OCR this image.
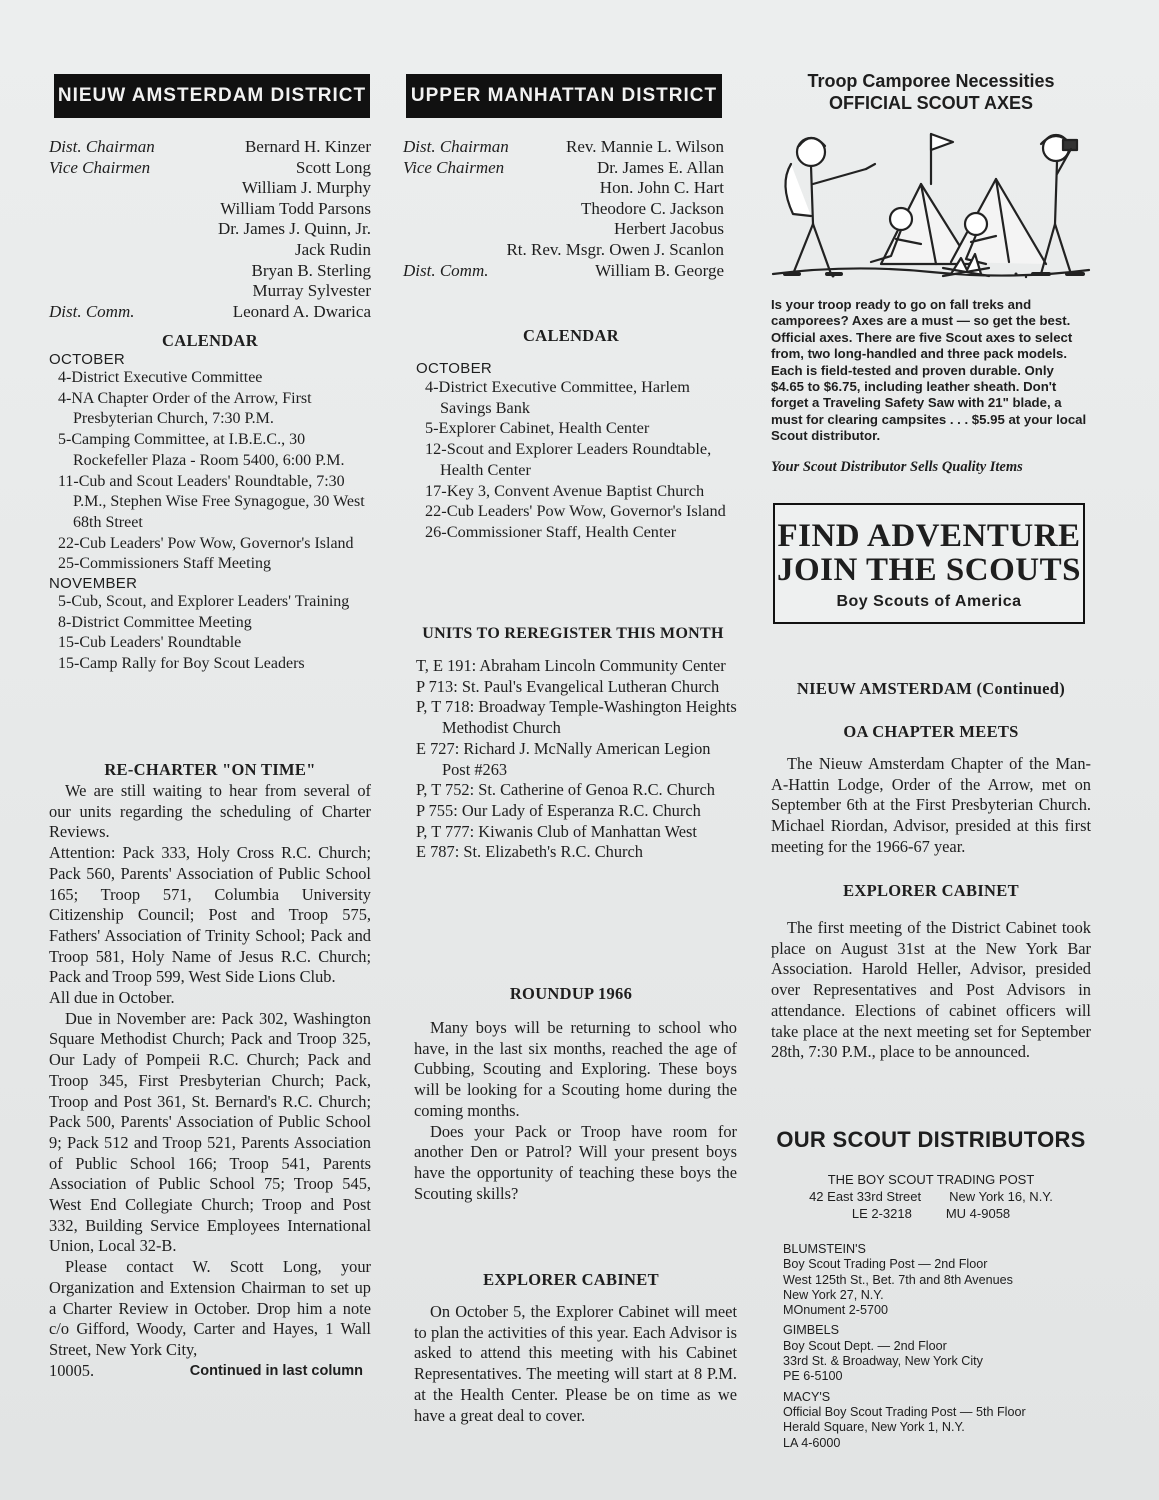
NIEUW AMSTERDAM DISTRICT
Dist. Chairman	Bernard H. Kinzer
Vice Chairmen	Scott Long
William J. Murphy
William Todd Parsons
Dr. James J. Quinn, Jr.
Jack Rudin
Bryan B. Sterling
Murray Sylvester
Dist. Comm.	Leonard A. Dwarica
CALENDAR
OCTOBER
4-District Executive Committee
4-NA Chapter Order of the Arrow, First Presbyterian Church, 7:30 P.M.
5-Camping Committee, at I.B.E.C., 30 Rockefeller Plaza - Room 5400, 6:00 P.M.
11-Cub and Scout Leaders' Roundtable, 7:30 P.M., Stephen Wise Free Synagogue, 30 West 68th Street
22-Cub Leaders' Pow Wow, Governor's Island
25-Commissioners Staff Meeting
NOVEMBER
5-Cub, Scout, and Explorer Leaders' Training
8-District Committee Meeting
15-Cub Leaders' Roundtable
15-Camp Rally for Boy Scout Leaders
RE-CHARTER "ON TIME"

We are still waiting to hear from several of our units regarding the scheduling of Charter Reviews.

Attention: Pack 333, Holy Cross R.C. Church; Pack 560, Parents' Association of Public School 165; Troop 571, Columbia University Citizenship Council; Post and Troop 575, Fathers' Association of Trinity School; Pack and Troop 581, Holy Name of Jesus R.C. Church; Pack and Troop 599, West Side Lions Club.

All due in October.

Due in November are: Pack 302, Washington Square Methodist Church; Pack and Troop 325, Our Lady of Pompeii R.C. Church; Pack and Troop 345, First Presbyterian Church; Pack, Troop and Post 361, St. Bernard's R.C. Church; Pack 500, Parents' Association of Public School 9; Pack 512 and Troop 521, Parents Association of Public School 166; Troop 541, Parents Association of Public School 75; Troop 545, West End Collegiate Church; Troop and Post 332, Building Service Employees International Union, Local 32-B.

Please contact W. Scott Long, your Organization and Extension Chairman to set up a Charter Review in October. Drop him a note c/o Gifford, Woody, Carter and Hayes, 1 Wall Street, New York City,

10005.	Continued in last column
UPPER MANHATTAN DISTRICT
Dist. Chairman	Rev. Mannie L. Wilson
Vice Chairmen	Dr. James E. Allan
Hon. John C. Hart
Theodore C. Jackson
Herbert Jacobus
Rt. Rev. Msgr. Owen J. Scanlon
Dist. Comm.	William B. George
CALENDAR
OCTOBER
4-District Executive Committee, Harlem Savings Bank
5-Explorer Cabinet, Health Center
12-Scout and Explorer Leaders Roundtable, Health Center
17-Key 3, Convent Avenue Baptist Church
22-Cub Leaders' Pow Wow, Governor's Island
26-Commissioner Staff, Health Center
UNITS TO REREGISTER THIS MONTH
T, E 191: Abraham Lincoln Community Center
P 713: St. Paul's Evangelical Lutheran Church
P, T 718: Broadway Temple-Washington Heights Methodist Church
E 727: Richard J. McNally American Legion Post #263
P, T 752: St. Catherine of Genoa R.C. Church
P 755: Our Lady of Esperanza R.C. Church
P, T 777: Kiwanis Club of Manhattan West
E 787: St. Elizabeth's R.C. Church
ROUNDUP 1966

Many boys will be returning to school who have, in the last six months, reached the age of Cubbing, Scouting and Exploring. These boys will be looking for a Scouting home during the coming months.

Does your Pack or Troop have room for another Den or Patrol? Will your present boys have the opportunity of teaching these boys the Scouting skills?

EXPLORER CABINET

On October 5, the Explorer Cabinet will meet to plan the activities of this year. Each Advisor is asked to attend this meeting with his Cabinet Representatives. The meeting will start at 8 P.M. at the Health Center. Please be on time as we have a great deal to cover.

Troop Camporee Necessities
OFFICIAL SCOUT AXES
Is your troop ready to go on fall treks and camporees? Axes are a must — so get the best. Official axes. There are five Scout axes to select from, two long-handled and three pack models. Each is field-tested and proven durable. Only $4.65 to $6.75, including leather sheath. Don't forget a Traveling Safety Saw with 21" blade, a must for clearing campsites . . . $5.95 at your local Scout distributor.
Your Scout Distributor Sells Quality Items
FIND ADVENTURE
JOIN THE SCOUTS
Boy Scouts of America
NIEUW AMSTERDAM (Continued)
OA CHAPTER MEETS

The Nieuw Amsterdam Chapter of the Man-A-Hattin Lodge, Order of the Arrow, met on September 6th at the First Presbyterian Church. Michael Riordan, Advisor, presided at this first meeting for the 1966-67 year.

EXPLORER CABINET

The first meeting of the District Cabinet took place on August 31st at the New York Bar Association. Harold Heller, Advisor, presided over Representatives and Post Advisors in attendance. Elections of cabinet officers will take place at the next meeting set for September 28th, 7:30 P.M., place to be announced.

OUR SCOUT DISTRIBUTORS
THE BOY SCOUT TRADING POST
42 East 33rd Street New York 16, N.Y.
LE 2-3218	MU 4-9058
BLUMSTEIN'S
Boy Scout Trading Post — 2nd Floor
West 125th St., Bet. 7th and 8th Avenues
New York 27, N.Y.
MOnument 2-5700
GIMBELS
Boy Scout Dept. — 2nd Floor
33rd St. & Broadway, New York City
PE 6-5100
MACY'S
Official Boy Scout Trading Post — 5th Floor
Herald Square, New York 1, N.Y.
LA 4-6000
